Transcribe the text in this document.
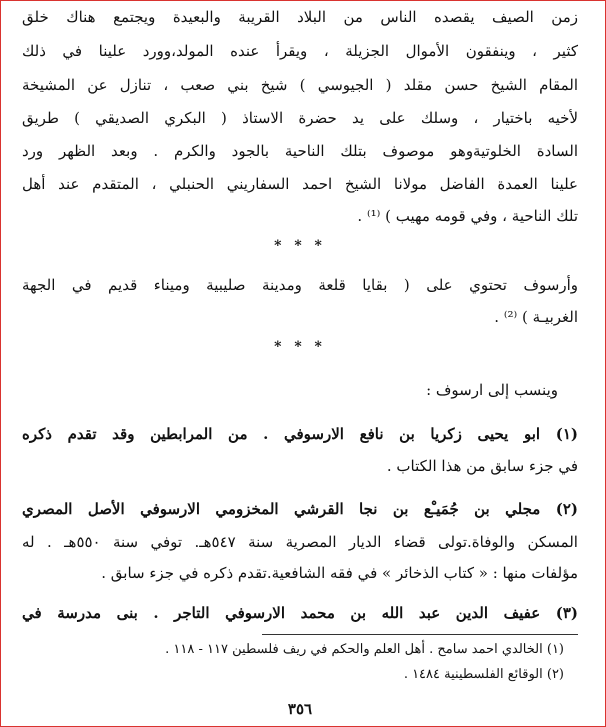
زمن الصيف يقصده الناس من البلاد القريبة والبعيدة ويجتمع هناك خلق
كثير ، وينفقون الأموال الجزيلة ، ويقرأ عنده المولد،وورد علينا في ذلك
المقام الشيخ حسن مقلد ( الجيوسي ) شيخ بني صعب ، تنازل عن المشيخة
لأخيه باختيار ، وسلك على يد حضرة الاستاذ ( البكري الصديقي ) طريق
السادة الخلوتيةوهو موصوف بتلك الناحية بالجود والكرم . وبعد الظهر ورد
علينا العمدة الفاضل مولانا الشيخ احمد السفاريني الحنبلي ، المتقدم عند أهل
تلك الناحية ، وفي قومه مهيب ) ⁽¹⁾ .
* * *
وأرسوف تحتوي على ( بقايا قلعة ومدينة صليبية وميناء قديم في الجهة
الغربيـة ) ⁽²⁾ .
* * *
وينسب إلى ارسوف :
(١) ابو يحيى زكريا بن نافع الارسوفي . من المرابطين وقد تقدم ذكره
في جزء سابق من هذا الكتاب .
(٢) مجلي بن جُمَيـْع بن نجا القرشي المخزومي الارسوفي الأصل المصري
المسكن والوفاة.تولى قضاء الديار المصرية سنة ٥٤٧هـ. توفي سنة ٥٥٠هـ . له
مؤلفات منها : « كتاب الذخائر » في فقه الشافعية.تقدم ذكره في جزء سابق .
(٣) عفيف الدين عبد الله بن محمد الارسوفي التاجر . بنى مدرسة في
(١) الخالدي احمد سامح . أهل العلم والحكم في ريف فلسطين ١١٧ - ١١٨ .
(٢) الوقائع الفلسطينية ١٤٨٤ .
٣٥٦
